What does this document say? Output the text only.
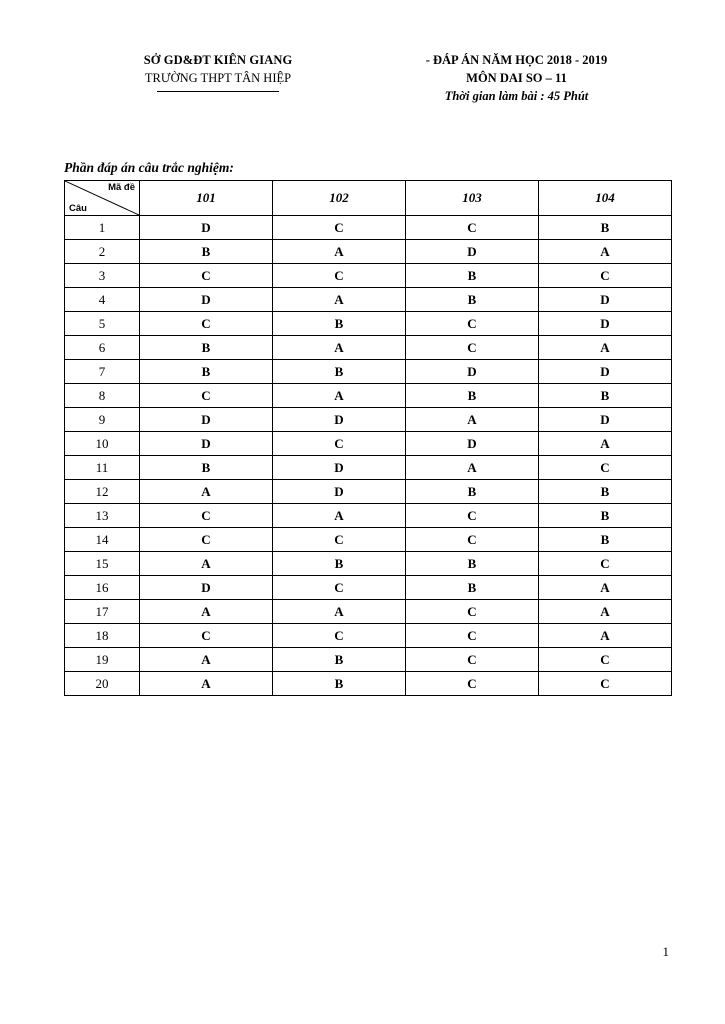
SỞ GD&ĐT KIÊN GIANG
TRƯỜNG THPT TÂN HIỆP
- ĐÁP ÁN NĂM HỌC 2018 - 2019
MÔN DAI SO – 11
Thời gian làm bài : 45 Phút
Phần đáp án câu trắc nghiệm:
Mã đề
Câu	101	102	103	104
1	D	C	C	B
2	B	A	D	A
3	C	C	B	C
4	D	A	B	D
5	C	B	C	D
6	B	A	C	A
7	B	B	D	D
8	C	A	B	B
9	D	D	A	D
10	D	C	D	A
11	B	D	A	C
12	A	D	B	B
13	C	A	C	B
14	C	C	C	B
15	A	B	B	C
16	D	C	B	A
17	A	A	C	A
18	C	C	C	A
19	A	B	C	C
20	A	B	C	C
1
